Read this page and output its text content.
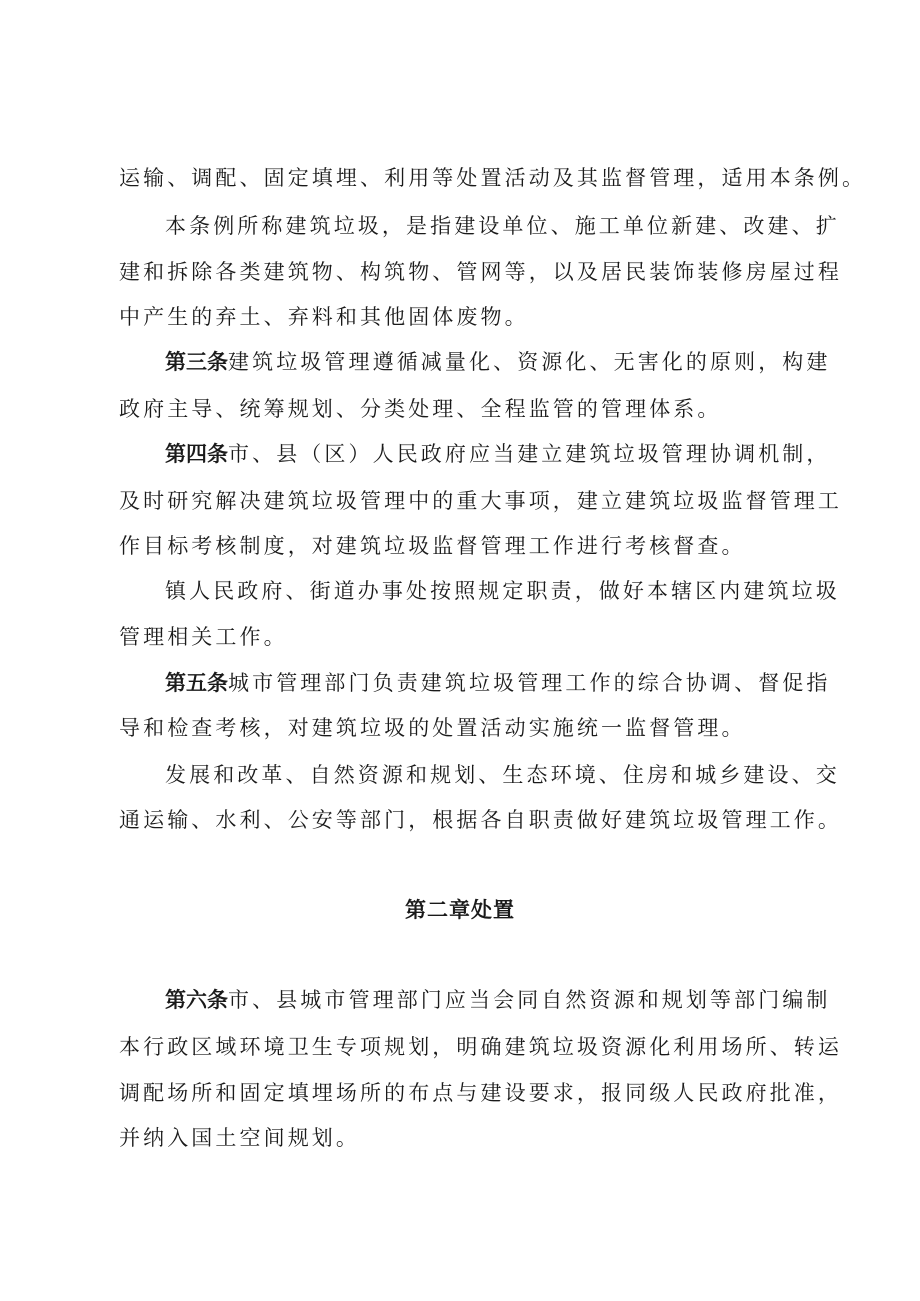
运输、调配、固定填埋、利用等处置活动及其监督管理，适用本条例。
本条例所称建筑垃圾，是指建设单位、施工单位新建、改建、扩
建和拆除各类建筑物、构筑物、管网等，以及居民装饰装修房屋过程
中产生的弃土、弃料和其他固体废物。
第三条建筑垃圾管理遵循减量化、资源化、无害化的原则，构建
政府主导、统筹规划、分类处理、全程监管的管理体系。
第四条市、县（区）人民政府应当建立建筑垃圾管理协调机制，
及时研究解决建筑垃圾管理中的重大事项，建立建筑垃圾监督管理工
作目标考核制度，对建筑垃圾监督管理工作进行考核督查。
镇人民政府、街道办事处按照规定职责，做好本辖区内建筑垃圾
管理相关工作。
第五条城市管理部门负责建筑垃圾管理工作的综合协调、督促指
导和检查考核，对建筑垃圾的处置活动实施统一监督管理。
发展和改革、自然资源和规划、生态环境、住房和城乡建设、交
通运输、水利、公安等部门，根据各自职责做好建筑垃圾管理工作。
第二章处置
第六条市、县城市管理部门应当会同自然资源和规划等部门编制
本行政区域环境卫生专项规划，明确建筑垃圾资源化利用场所、转运
调配场所和固定填埋场所的布点与建设要求，报同级人民政府批准，
并纳入国土空间规划。
